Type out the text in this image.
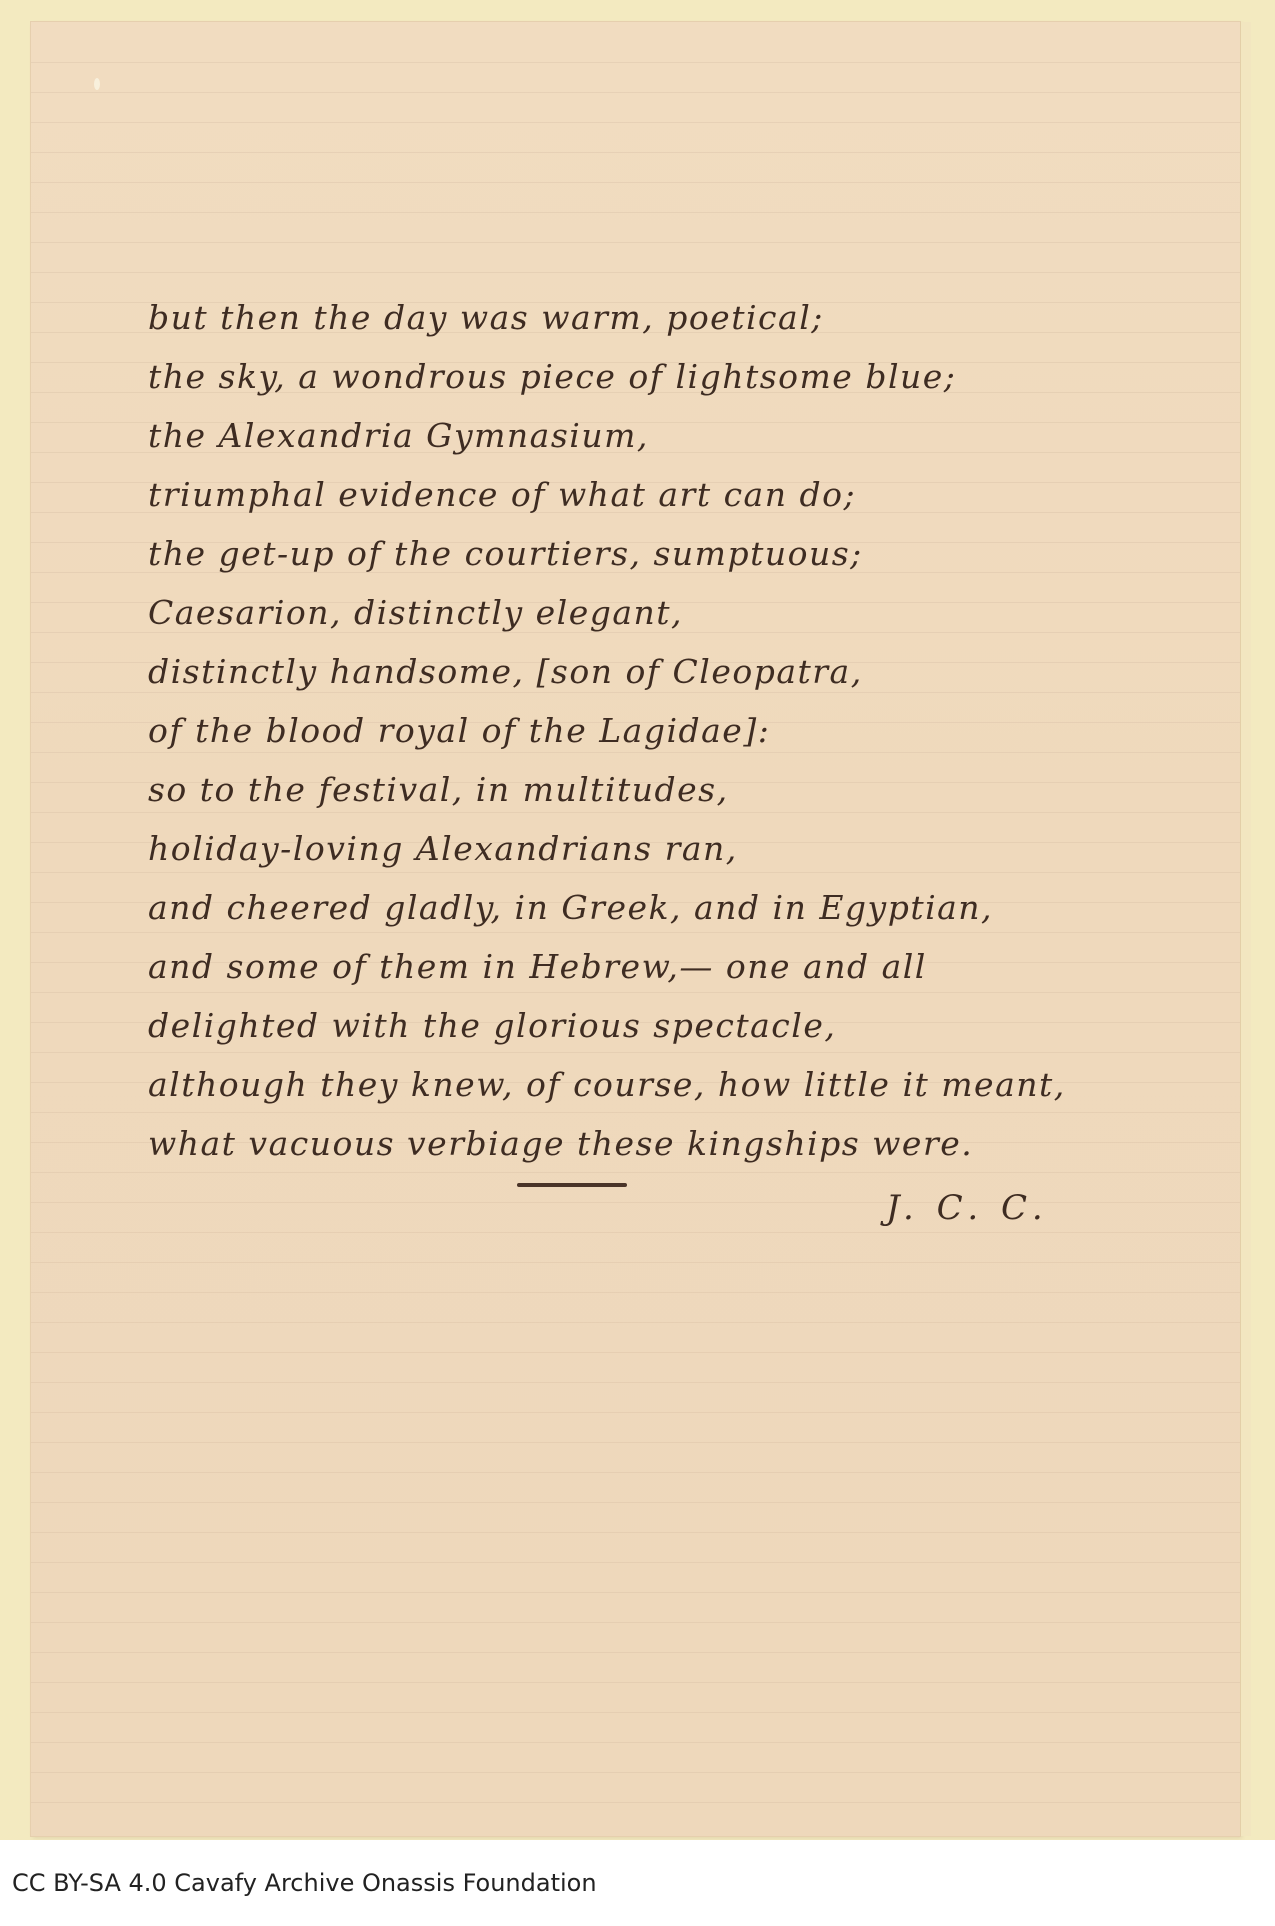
but then the day was warm, poetical;
the sky, a wondrous piece of lightsome blue;
the Alexandria Gymnasium,
triumphal evidence of what art can do;
the get-up of the courtiers, sumptuous;
Caesarion, distinctly elegant,
distinctly handsome, [son of Cleopatra,
of the blood royal of the Lagidae]:
so to the festival, in multitudes,
holiday-loving Alexandrians ran,
and cheered gladly, in Greek, and in Egyptian,
and some of them in Hebrew,— one and all
delighted with the glorious spectacle,
although they knew, of course, how little it meant,
what vacuous verbiage these kingships were.
J. C. C.
CC BY-SA 4.0 Cavafy Archive Onassis Foundation
